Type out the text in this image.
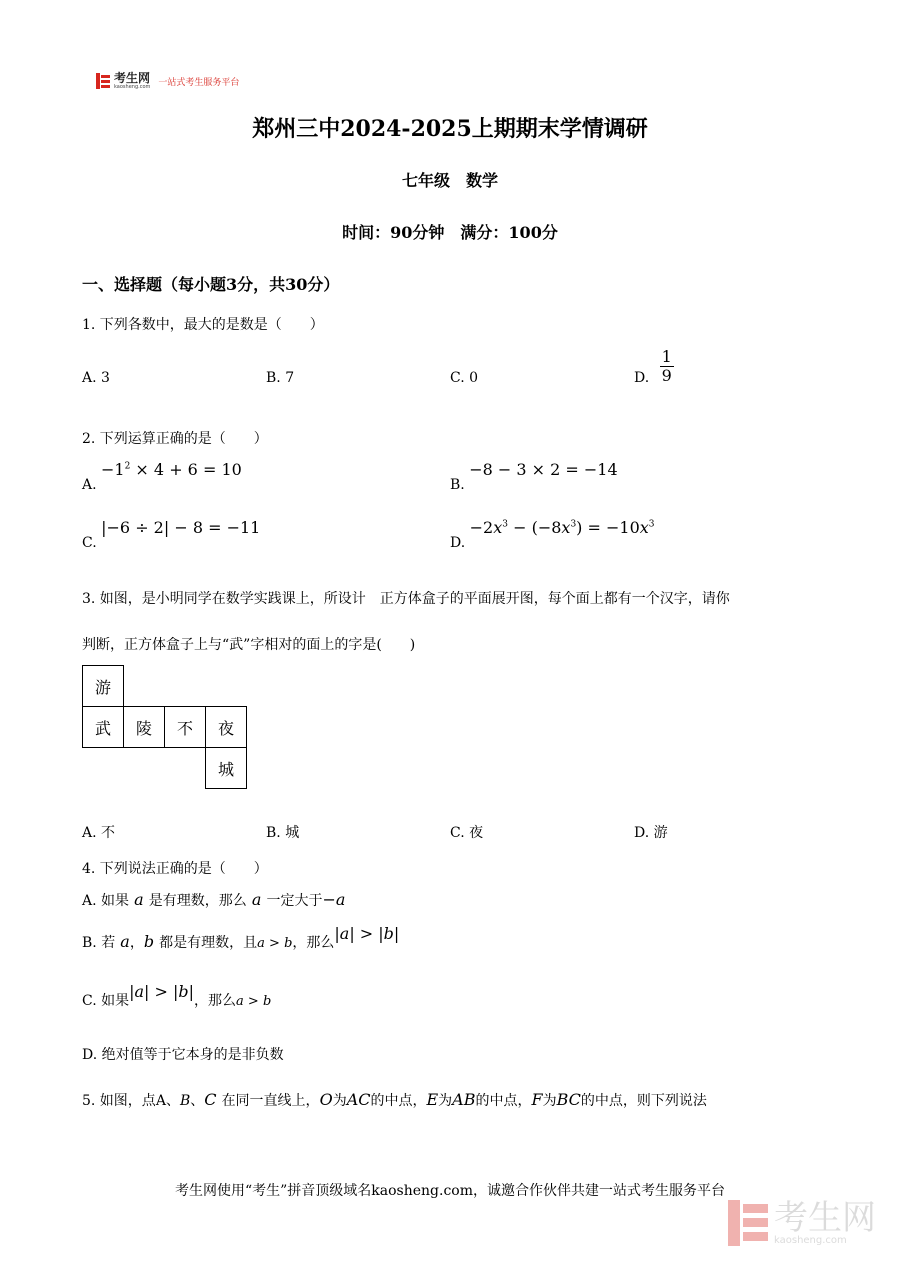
考生网
kaosheng.com 一站式考生服务平台
郑州三中2024-2025上期期末学情调研
七年级　数学
时间：90分钟　满分：100分
一、选择题（每小题3分，共30分）
1. 下列各数中，最大的是数是（　　）
A. 3	B. 7	C. 0	D. $\frac{1}{9}$
2. 下列运算正确的是（　　）
A. $-1^2 \times 4 + 6 = 10$
B. −8 − 3 × 2 = −14
C. |−6 ÷ 2| − 8 = −11
D. $-2x^3 - (-8x^3) = -10x^3$
3. 如图，是小明同学在数学实践课上，所设计　正方体盒子的平面展开图，每个面上都有一个汉字，请你
判断，正方体盒子上与“武”字相对的面上的字是(　　)
游			
武	陵	不	夜
			城
A. 不	B. 城	C. 夜	D. 游
4. 下列说法正确的是（　　）
A. 如果 a 是有理数，那么 a 一定大于−a
B. 若 a，b 都是有理数，且a > b，那么|a| > |b|
C. 如果|a| > |b|，那么a > b
D. 绝对值等于它本身的是非负数
5. 如图，点A、B、C 在同一直线上，O为AC的中点，E为AB的中点，F为BC的中点，则下列说法
考生网使用“考生”拼音顶级域名kaosheng.com，诚邀合作伙伴共建一站式考生服务平台
考生网
kaosheng.com
